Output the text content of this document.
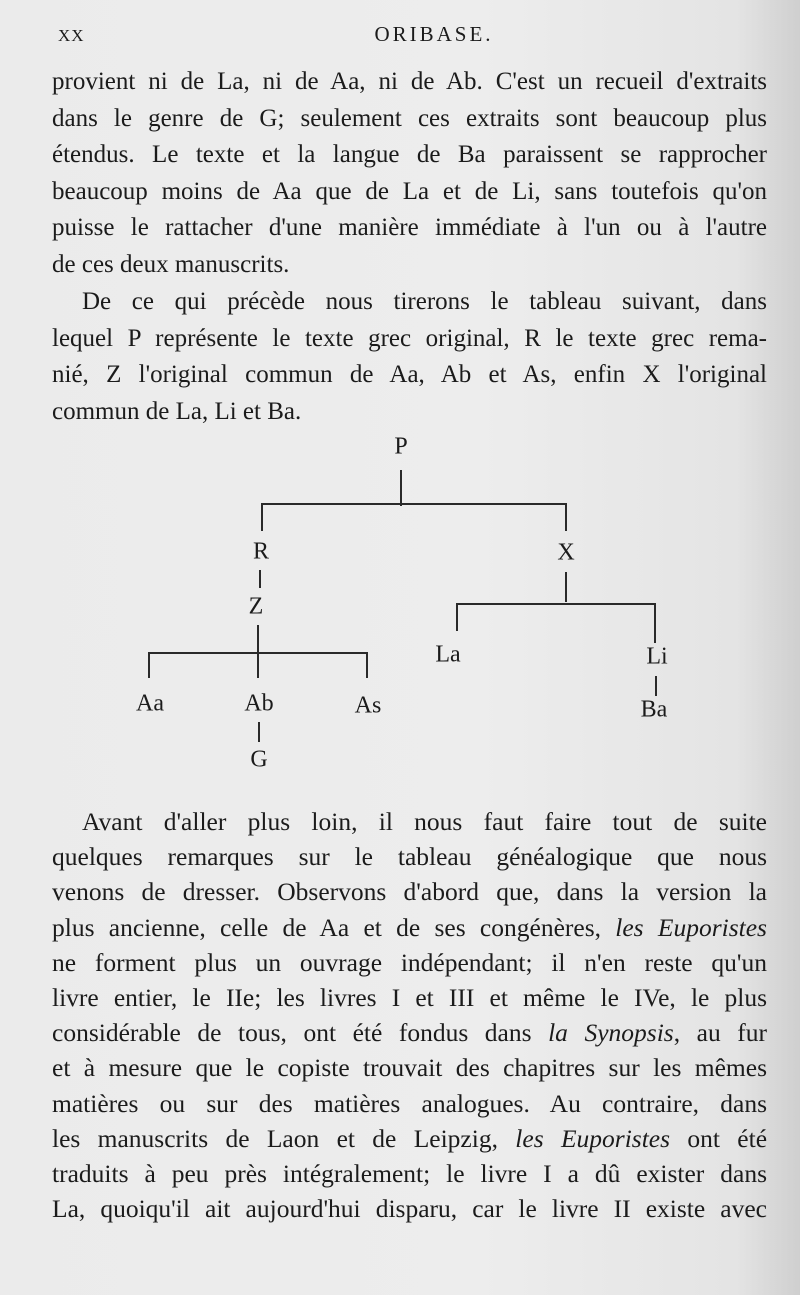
XX	ORIBASE.

provient ni de La, ni de Aa, ni de Ab. C'est un recueil d'extraits
dans le genre de G; seulement ces extraits sont beaucoup plus
étendus. Le texte et la langue de Ba paraissent se rapprocher
beaucoup moins de Aa que de La et de Li, sans toutefois qu'on
puisse le rattacher d'une manière immédiate à l'un ou à l'autre
de ces deux manuscrits.

De ce qui précède nous tirerons le tableau suivant, dans
lequel P représente le texte grec original, R le texte grec rema-
nié, Z l'original commun de Aa, Ab et As, enfin X l'original
commun de La, Li et Ba.

P
R
Z
Aa	Ab	As
G
X
La	Li
Ba

Avant d'aller plus loin, il nous faut faire tout de suite
quelques remarques sur le tableau généalogique que nous
venons de dresser. Observons d'abord que, dans la version la
plus ancienne, celle de Aa et de ses congénères, les Euporistes
ne forment plus un ouvrage indépendant; il n'en reste qu'un
livre entier, le IIe; les livres I et III et même le IVe, le plus
considérable de tous, ont été fondus dans la Synopsis, au fur
et à mesure que le copiste trouvait des chapitres sur les mêmes
matières ou sur des matières analogues. Au contraire, dans
les manuscrits de Laon et de Leipzig, les Euporistes ont été
traduits à peu près intégralement; le livre I a dû exister dans
La, quoiqu'il ait aujourd'hui disparu, car le livre II existe avec
